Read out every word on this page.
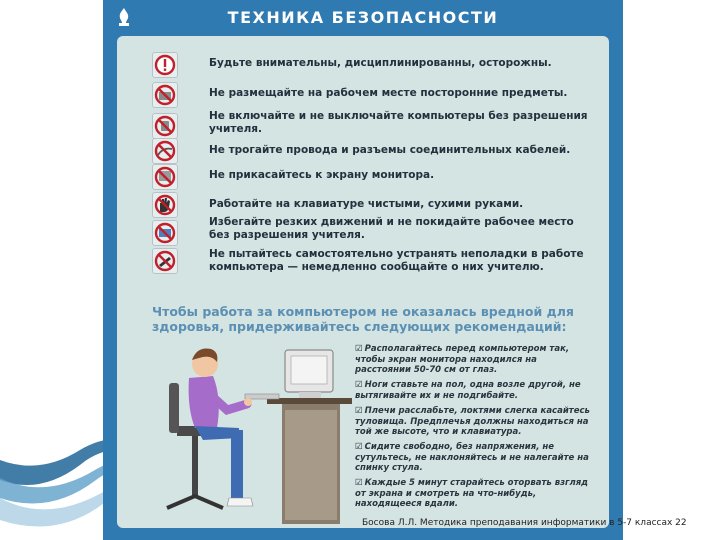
ТЕХНИКА БЕЗОПАСНОСТИ
Будьте внимательны, дисциплинированны, осторожны.
Не размещайте на рабочем месте посторонние предметы.
Не включайте и не выключайте компьютеры без разрешения учителя.
Не трогайте провода и разъемы соединительных кабелей.
Не прикасайтесь к экрану монитора.
Работайте на клавиатуре чистыми, сухими руками.
Избегайте резких движений и не покидайте рабочее место без разрешения учителя.
Не пытайтесь самостоятельно устранять неполадки в работе компьютера — немедленно сообщайте о них учителю.
Чтобы работа за компьютером не оказалась вредной для здоровья, придерживайтесь следующих рекомендаций:
☑ Располагайтесь перед компьютером так, чтобы экран монитора находился на расстоянии 50-70 см от глаз.
☑ Ноги ставьте на пол, одна возле другой, не вытягивайте их и не подгибайте.
☑ Плечи расслабьте, локтями слегка касайтесь туловища. Предплечья должны находиться на той же высоте, что и клавиатура.
☑ Сидите свободно, без напряжения, не сутультесь, не наклоняйтесь и не налегайте на спинку стула.
☑ Каждые 5 минут старайтесь оторвать взгляд от экрана и смотреть на что-нибудь, находящееся вдали.
Босова Л.Л. Методика преподавания информатики в 5-7 классах 22
